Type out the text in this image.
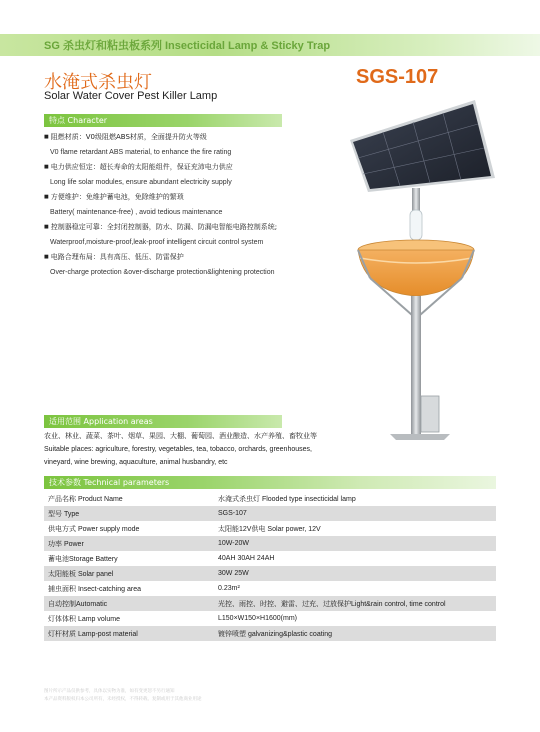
SG 杀虫灯和粘虫板系列 Insecticidal Lamp & Sticky Trap
水淹式杀虫灯
Solar Water Cover Pest Killer Lamp
SGS-107
特点 Character
■ 阻燃材质：V0级阻燃ABS材质，全面提升防火等级
V0 flame retardant ABS material, to enhance the fire rating
■ 电力供应恒定：超长寿命的太阳能组件，保证充沛电力供应
Long life solar modules, ensure abundant electricity supply
■ 方便维护：免维护蓄电池，免除维护的繁琐
Battery( maintenance-free) , avoid tedious maintenance
■ 控制器稳定可靠：全封闭控制器，防水、防漏、防漏电智能电路控制系统;
Waterproof,moisture-proof,leak-proof intelligent circuit control system
■ 电路合理布局：具有高压、低压、防雷保护
Over-charge protection &over-discharge protection&lightening protection
适用范围 Application areas
农业、林业、蔬菜、茶叶、烟草、果园、大棚、葡萄园、酒业酿造、水产养殖、畜牧业等
Suitable places: agriculture, forestry, vegetables, tea, tobacco, orchards, greenhouses,
vineyard, wine brewing, aquaculture, animal husbandry, etc
技术参数 Technical parameters
产品名称 Product Name	水淹式杀虫灯 Flooded type insecticidal lamp
型号 Type	SGS-107
供电方式 Power supply mode	太阳能12V供电 Solar power, 12V
功率 Power	10W-20W
蓄电池Storage Battery	40AH 30AH 24AH
太阳能板 Solar panel	30W 25W
捕虫面积 Insect-catching area	0.23m²
自动控制Automatic	光控、雨控、时控、避雷、过充、过放保护Light&rain control, time control
灯体体积 Lamp volume	L150×W150×H1600(mm)
灯杆材质 Lamp-post material	镀锌喷塑 galvanizing&plastic coating
图片所示产品仅供参考，具体以实物为准，如有变更恕不另行通知
本产品资料版权归本公司所有，未经授权，不得转载、复制或用于其他商业用途
